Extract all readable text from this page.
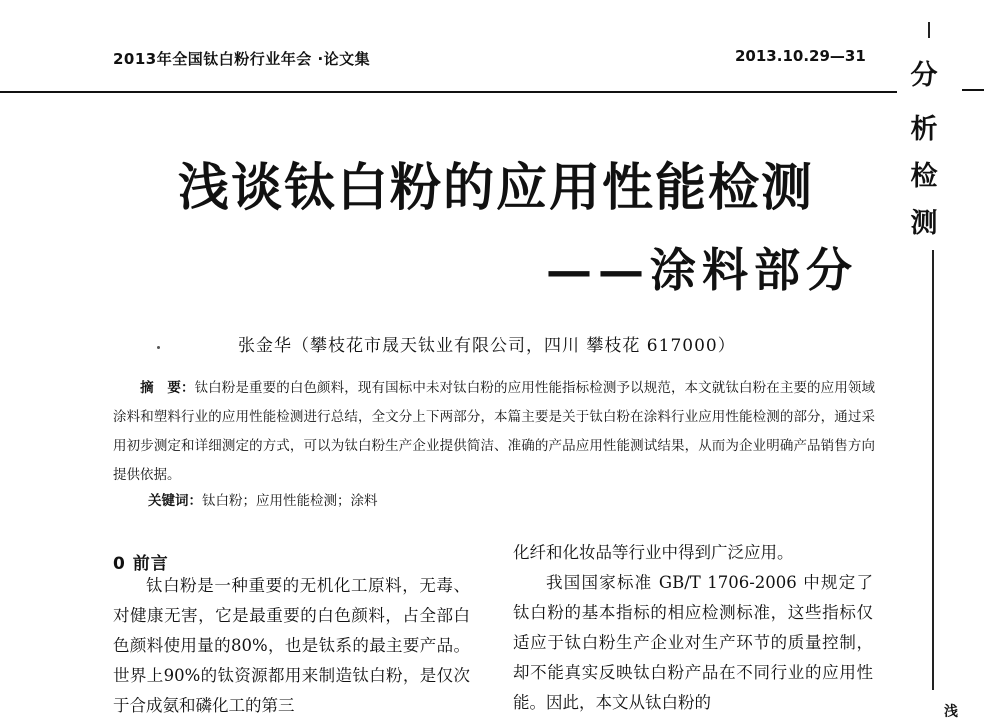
2013年全国钛白粉行业年会 ·论文集	2013.10.29—31
分
析
检
测
浅
浅谈钛白粉的应用性能检测
——涂料部分
张金华（攀枝花市晟天钛业有限公司，四川 攀枝花 617000）
摘　要：钛白粉是重要的白色颜料，现有国标中未对钛白粉的应用性能指标检测予以规范，本文就钛白粉在主要的应用领域涂料和塑料行业的应用性能检测进行总结，全文分上下两部分，本篇主要是关于钛白粉在涂料行业应用性能检测的部分，通过采用初步测定和详细测定的方式，可以为钛白粉生产企业提供简洁、准确的产品应用性能测试结果，从而为企业明确产品销售方向提供依据。
关键词：钛白粉；应用性能检测；涂料
0 前言

钛白粉是一种重要的无机化工原料，无毒、对健康无害，它是最重要的白色颜料，占全部白色颜料使用量的80%，也是钛系的最主要产品。世界上90%的钛资源都用来制造钛白粉，是仅次于合成氨和磷化工的第三

化纤和化妆品等行业中得到广泛应用。

我国国家标准 GB/T 1706-2006 中规定了钛白粉的基本指标的相应检测标准，这些指标仅适应于钛白粉生产企业对生产环节的质量控制，却不能真实反映钛白粉产品在不同行业的应用性能。因此，本文从钛白粉的
